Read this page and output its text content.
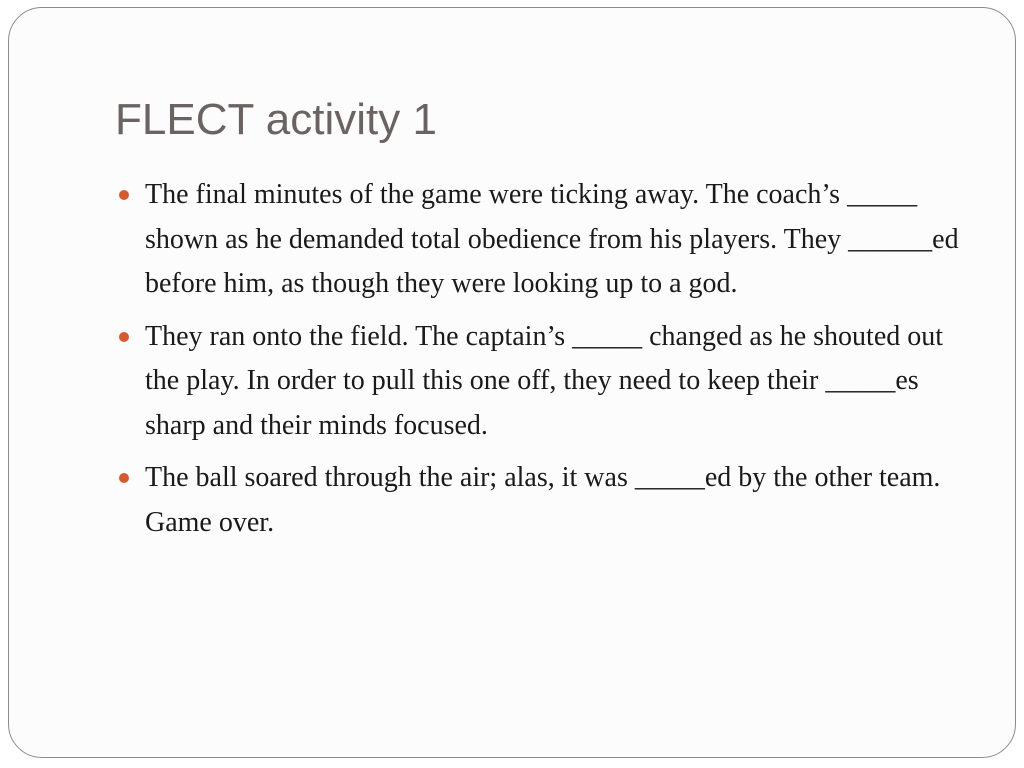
FLECT activity 1
The final minutes of the game were ticking away. The coach’s _____ shown as he demanded total obedience from his players. They ______ed before him, as though they were looking up to a god.
They ran onto the field. The captain’s _____ changed as he shouted out the play. In order to pull this one off, they need to keep their _____es sharp and their minds focused.
The ball soared through the air; alas, it was _____ed by the other team. Game over.
